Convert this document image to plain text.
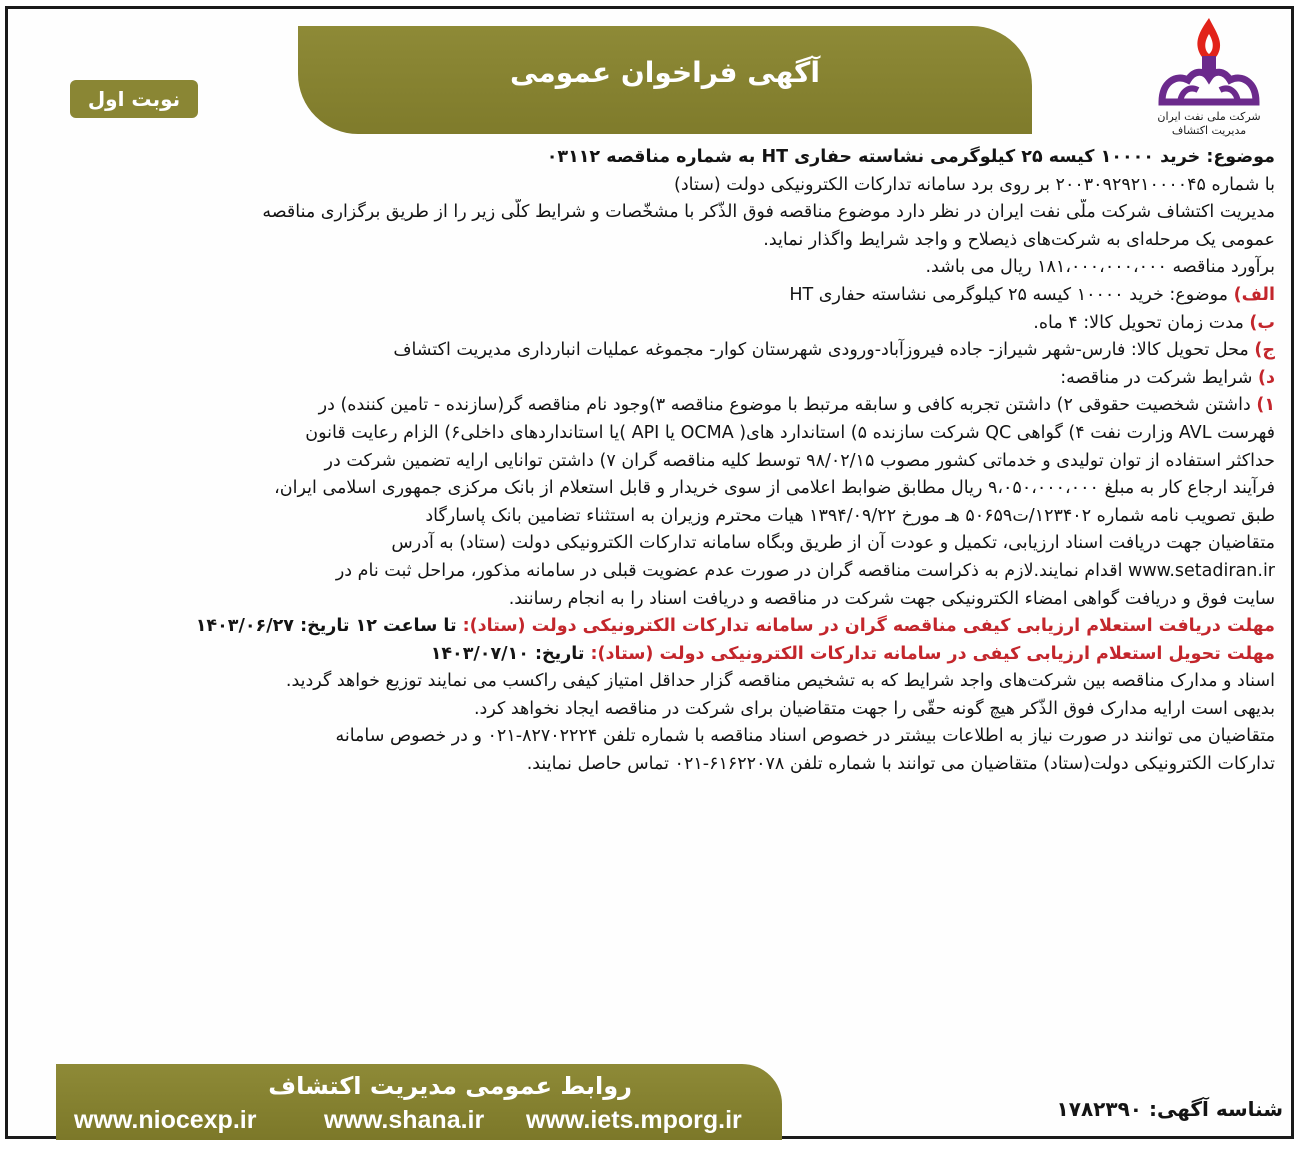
آگهی فراخوان عمومی
نوبت اول
شرکت ملی نفت ایران
مدیریت اکتشاف
موضوع: خرید ۱۰۰۰۰ کیسه ۲۵ کیلوگرمی نشاسته حفاری HT به شماره مناقصه ۰۳۱۱۲
با شماره ۲۰۰۳۰۹۲۹۲۱۰۰۰۰۴۵ بر روی برد سامانه تدارکات الکترونیکی دولت (ستاد)
مدیریت اکتشاف شرکت ملّی نفت ایران در نظر دارد موضوع مناقصه فوق الذّکر با مشخّصات و شرایط کلّی زیر را از طریق برگزاری مناقصه
عمومی یک مرحله‌ای به شرکت‌های ذیصلاح و واجد شرایط واگذار نماید.
برآورد مناقصه ۱۸۱،۰۰۰،۰۰۰،۰۰۰ ریال می باشد.
الف) موضوع: خرید ۱۰۰۰۰ کیسه ۲۵ کیلوگرمی نشاسته حفاری HT
ب) مدت زمان تحویل کالا: ۴ ماه.
ج) محل تحویل کالا: فارس-شهر شیراز- جاده فیروزآباد-ورودی شهرستان کوار- مجموغه عملیات انبارداری مدیریت اکتشاف
د) شرایط شرکت در مناقصه:
۱) داشتن شخصیت حقوقی ۲) داشتن تجربه کافی و سابقه مرتبط با موضوع مناقصه ۳)وجود نام مناقصه گر(سازنده - تامین کننده) در
فهرست AVL وزارت نفت ۴) گواهی QC شرکت سازنده ۵) استاندارد های( OCMA یا API )یا استانداردهای داخلی۶) الزام رعایت قانون
حداکثر استفاده از توان تولیدی و خدماتی کشور مصوب ۹۸/۰۲/۱۵ توسط کلیه مناقصه گران ۷) داشتن توانایی ارایه تضمین شرکت در
فرآیند ارجاع کار به مبلغ ۹،۰۵۰،۰۰۰،۰۰۰ ریال مطابق ضوابط اعلامی از سوی خریدار و قابل استعلام از بانک مرکزی جمهوری اسلامی ایران،
طبق تصویب نامه شماره ۱۲۳۴۰۲/ت۵۰۶۵۹ هـ مورخ ۱۳۹۴/۰۹/۲۲ هیات محترم وزیران به استثناء تضامین بانک پاسارگاد
متقاضیان جهت دریافت اسناد ارزیابی، تکمیل و عودت آن از طریق وبگاه سامانه تدارکات الکترونیکی دولت (ستاد) به آدرس
www.setadiran.ir اقدام نمایند.لازم به ذکراست مناقصه گران در صورت عدم عضویت قبلی در سامانه مذکور، مراحل ثبت نام در
سایت فوق و دریافت گواهی امضاء الکترونیکی جهت شرکت در مناقصه و دریافت اسناد را به انجام رسانند.
مهلت دریافت استعلام ارزیابی کیفی مناقصه گران در سامانه تدارکات الکترونیکی دولت (ستاد): تا ساعت ۱۲ تاریخ: ۱۴۰۳/۰۶/۲۷
مهلت تحویل استعلام ارزیابی کیفی در سامانه تدارکات الکترونیکی دولت (ستاد): تاریخ: ۱۴۰۳/۰۷/۱۰
اسناد و مدارک مناقصه بین شرکت‌های واجد شرایط که به تشخیص مناقصه گزار حداقل امتیاز کیفی راکسب می نمایند توزیع خواهد گردید.
بدیهی است ارایه مدارک فوق الذّکر هیچ گونه حقّی را جهت متقاضیان برای شرکت در مناقصه ایجاد نخواهد کرد.
متقاضیان می توانند در صورت نیاز به اطلاعات بیشتر در خصوص اسناد مناقصه با شماره تلفن ۸۲۷۰۲۲۲۴-۰۲۱ و در خصوص سامانه
تدارکات الکترونیکی دولت(ستاد) متقاضیان می توانند با شماره تلفن ۶۱۶۲۲۰۷۸-۰۲۱ تماس حاصل نمایند.
روابط عمومی مدیریت اکتشاف
www.niocexp.ir	www.shana.ir www.iets.mporg.ir	شناسه آگهی: ۱۷۸۲۳۹۰
